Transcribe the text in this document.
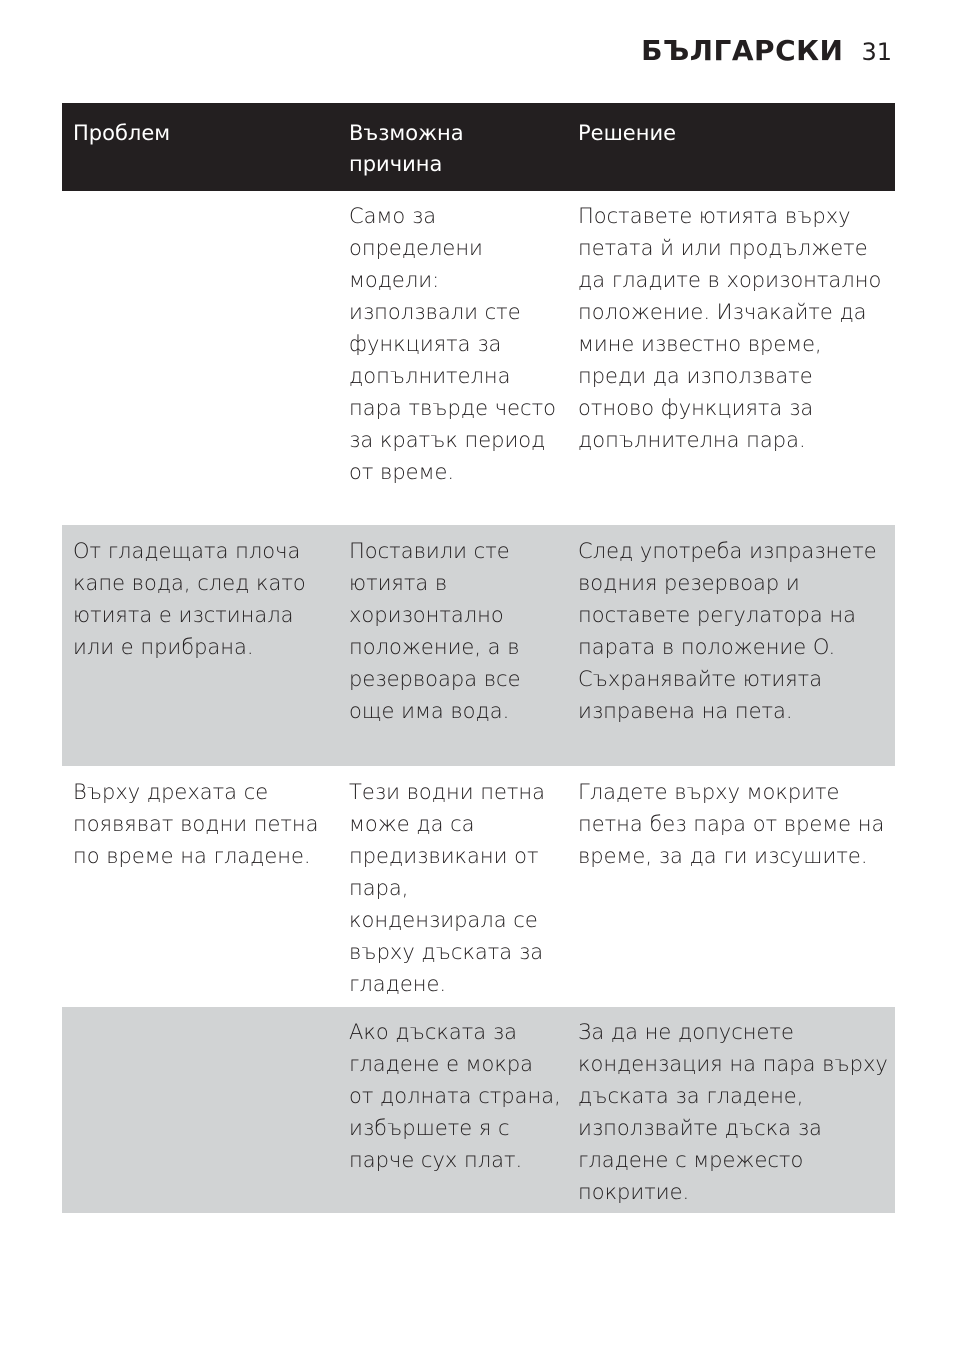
БЪЛГАРСКИ 31
Проблем	Възможна причина
Решение
Само за определени модели: използвали сте функцията за допълнителна пара твърде често за кратък период от време.
Поставете ютията върху петата й или продължете да гладите в хоризонтално положение. Изчакайте да мине известно време, преди да използвате отново функцията за допълнителна пара.
От гладещата плоча капе вода, след като ютията е изстинала или е прибрана.
Поставили сте ютията в хоризонтално положение, а в резервоара все още има вода.
След употреба изпразнете водния резервоар и поставете регулатора на парата в положение O. Съхранявайте ютията изправена на пета.
Върху дрехата се появяват водни петна по време на гладене.
Тези водни петна може да са предизвикани от пара, кондензирала се върху дъската за гладене.
Гладете върху мокрите петна без пара от време на време, за да ги изсушите.
Ако дъската за гладене е мокра от долната страна, избършете я с парче сух плат.
За да не допуснете кондензация на пара върху дъската за гладене, използвайте дъска за гладене с мрежесто покритие.
